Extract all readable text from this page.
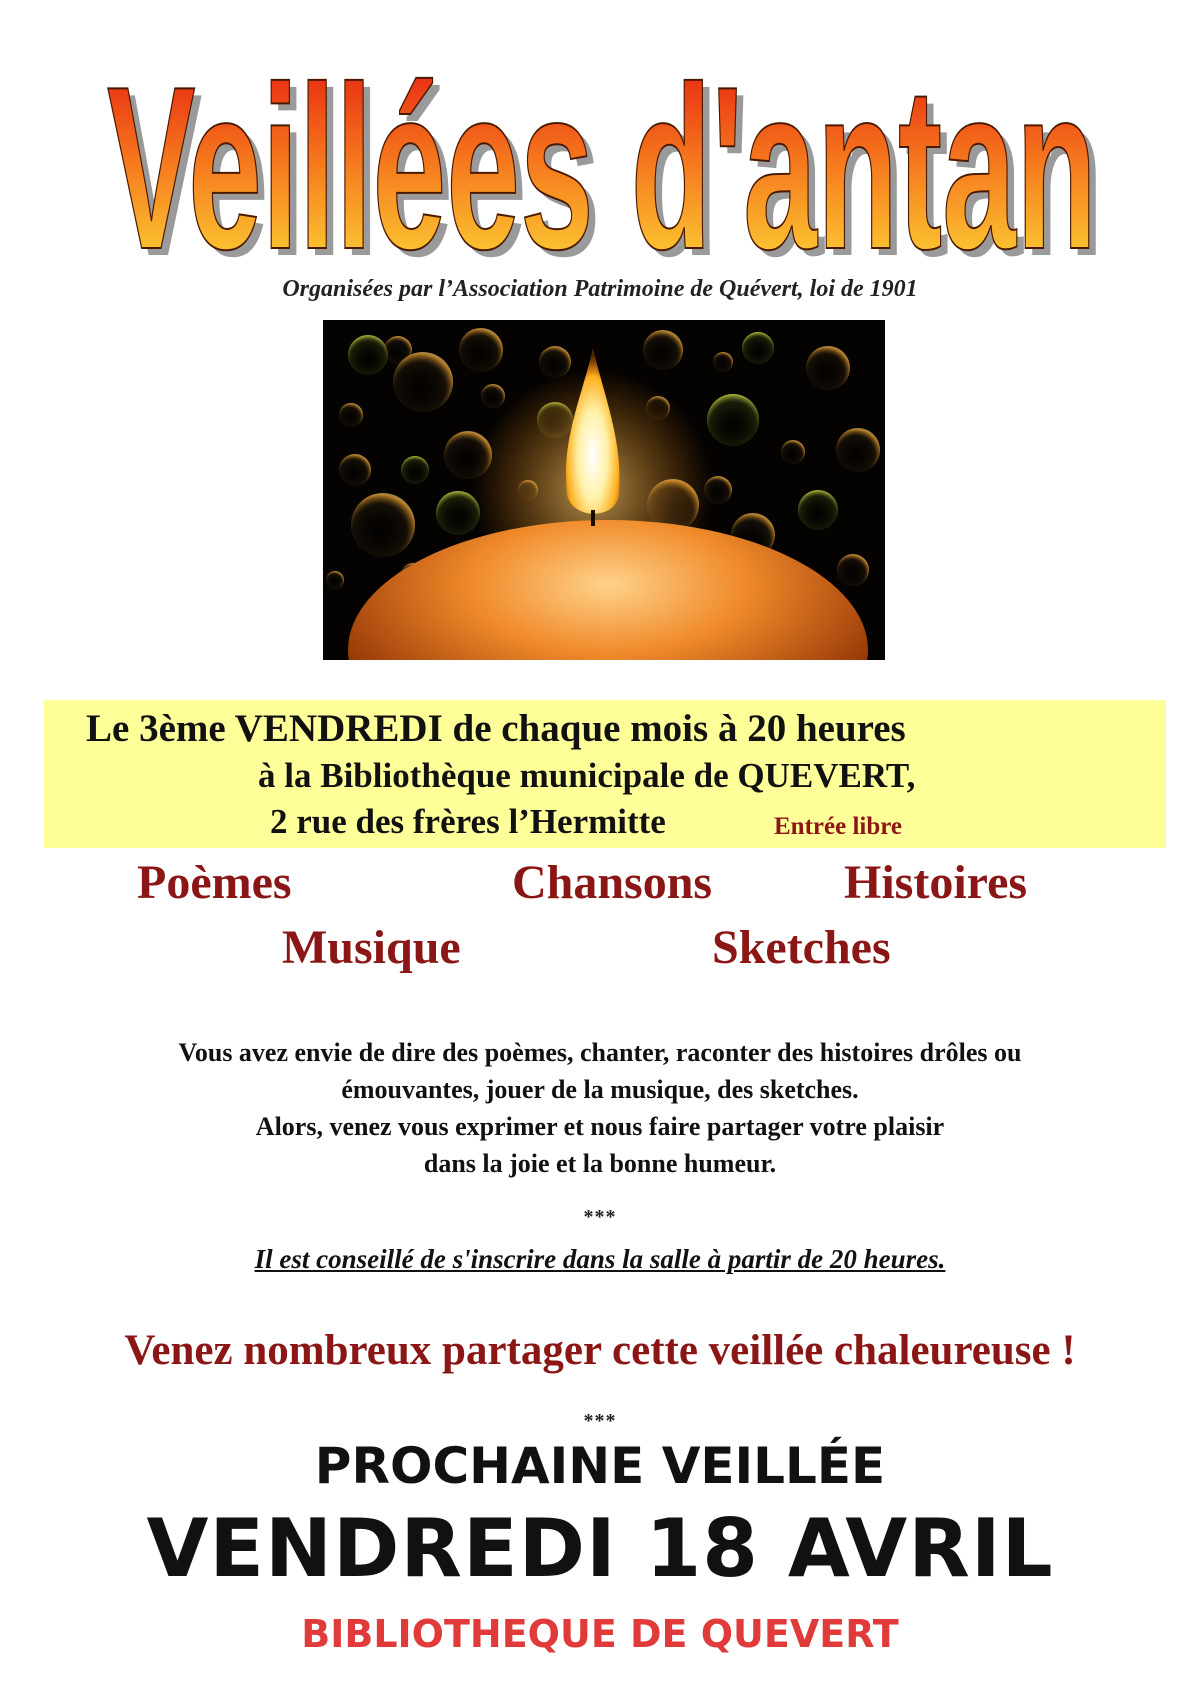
Veillées d'antan
Veillées d'antan
Organisées par l’Association Patrimoine de Quévert, loi de 1901
Le 3ème VENDREDI de chaque mois à 20 heures
à la Bibliothèque municipale de QUEVERT,
2 rue des frères l’Hermitte	Entrée libre
Poèmes	Chansons	Histoires
Musique	Sketches
Vous avez envie de dire des poèmes, chanter, raconter des histoires drôles ou
émouvantes, jouer de la musique, des sketches.
Alors, venez vous exprimer et nous faire partager votre plaisir
dans la joie et la bonne humeur.
***
Il est conseillé de s'inscrire dans la salle à partir de 20 heures.
Venez nombreux partager cette veillée chaleureuse !
***
PROCHAINE VEILLÉE
VENDREDI 18 AVRIL
BIBLIOTHEQUE DE QUEVERT
